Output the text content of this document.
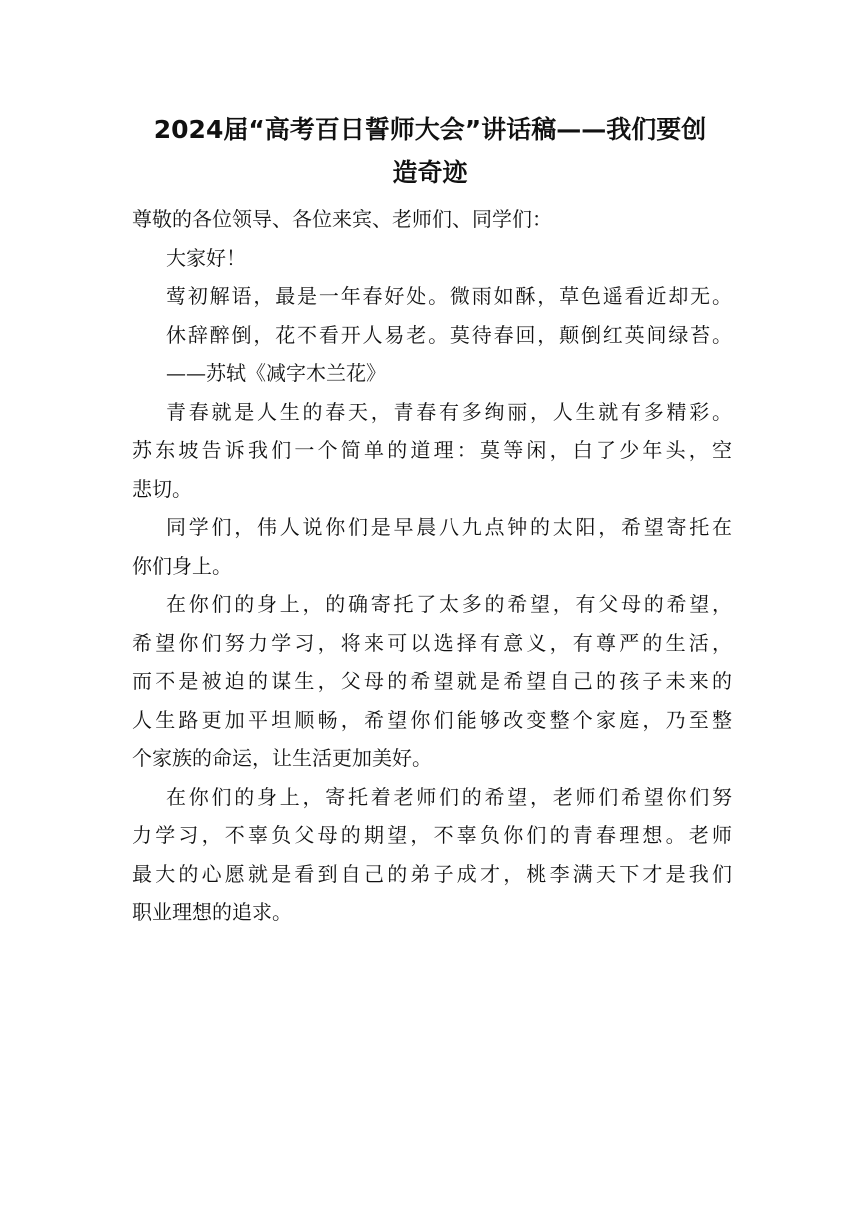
2024届“高考百日誓师大会”讲话稿——我们要创
造奇迹
尊敬的各位领导、各位来宾、老师们、同学们：
大家好！
莺初解语，最是一年春好处。微雨如酥，草色遥看近却无。
休辞醉倒，花不看开人易老。莫待春回，颠倒红英间绿苔。
——苏轼《减字木兰花》
青春就是人生的春天，青春有多绚丽，人生就有多精彩。
苏东坡告诉我们一个简单的道理：莫等闲，白了少年头，空
悲切。
同学们，伟人说你们是早晨八九点钟的太阳，希望寄托在
你们身上。
在你们的身上，的确寄托了太多的希望，有父母的希望，
希望你们努力学习，将来可以选择有意义，有尊严的生活，
而不是被迫的谋生，父母的希望就是希望自己的孩子未来的
人生路更加平坦顺畅，希望你们能够改变整个家庭，乃至整
个家族的命运，让生活更加美好。
在你们的身上，寄托着老师们的希望，老师们希望你们努
力学习，不辜负父母的期望，不辜负你们的青春理想。老师
最大的心愿就是看到自己的弟子成才，桃李满天下才是我们
职业理想的追求。
